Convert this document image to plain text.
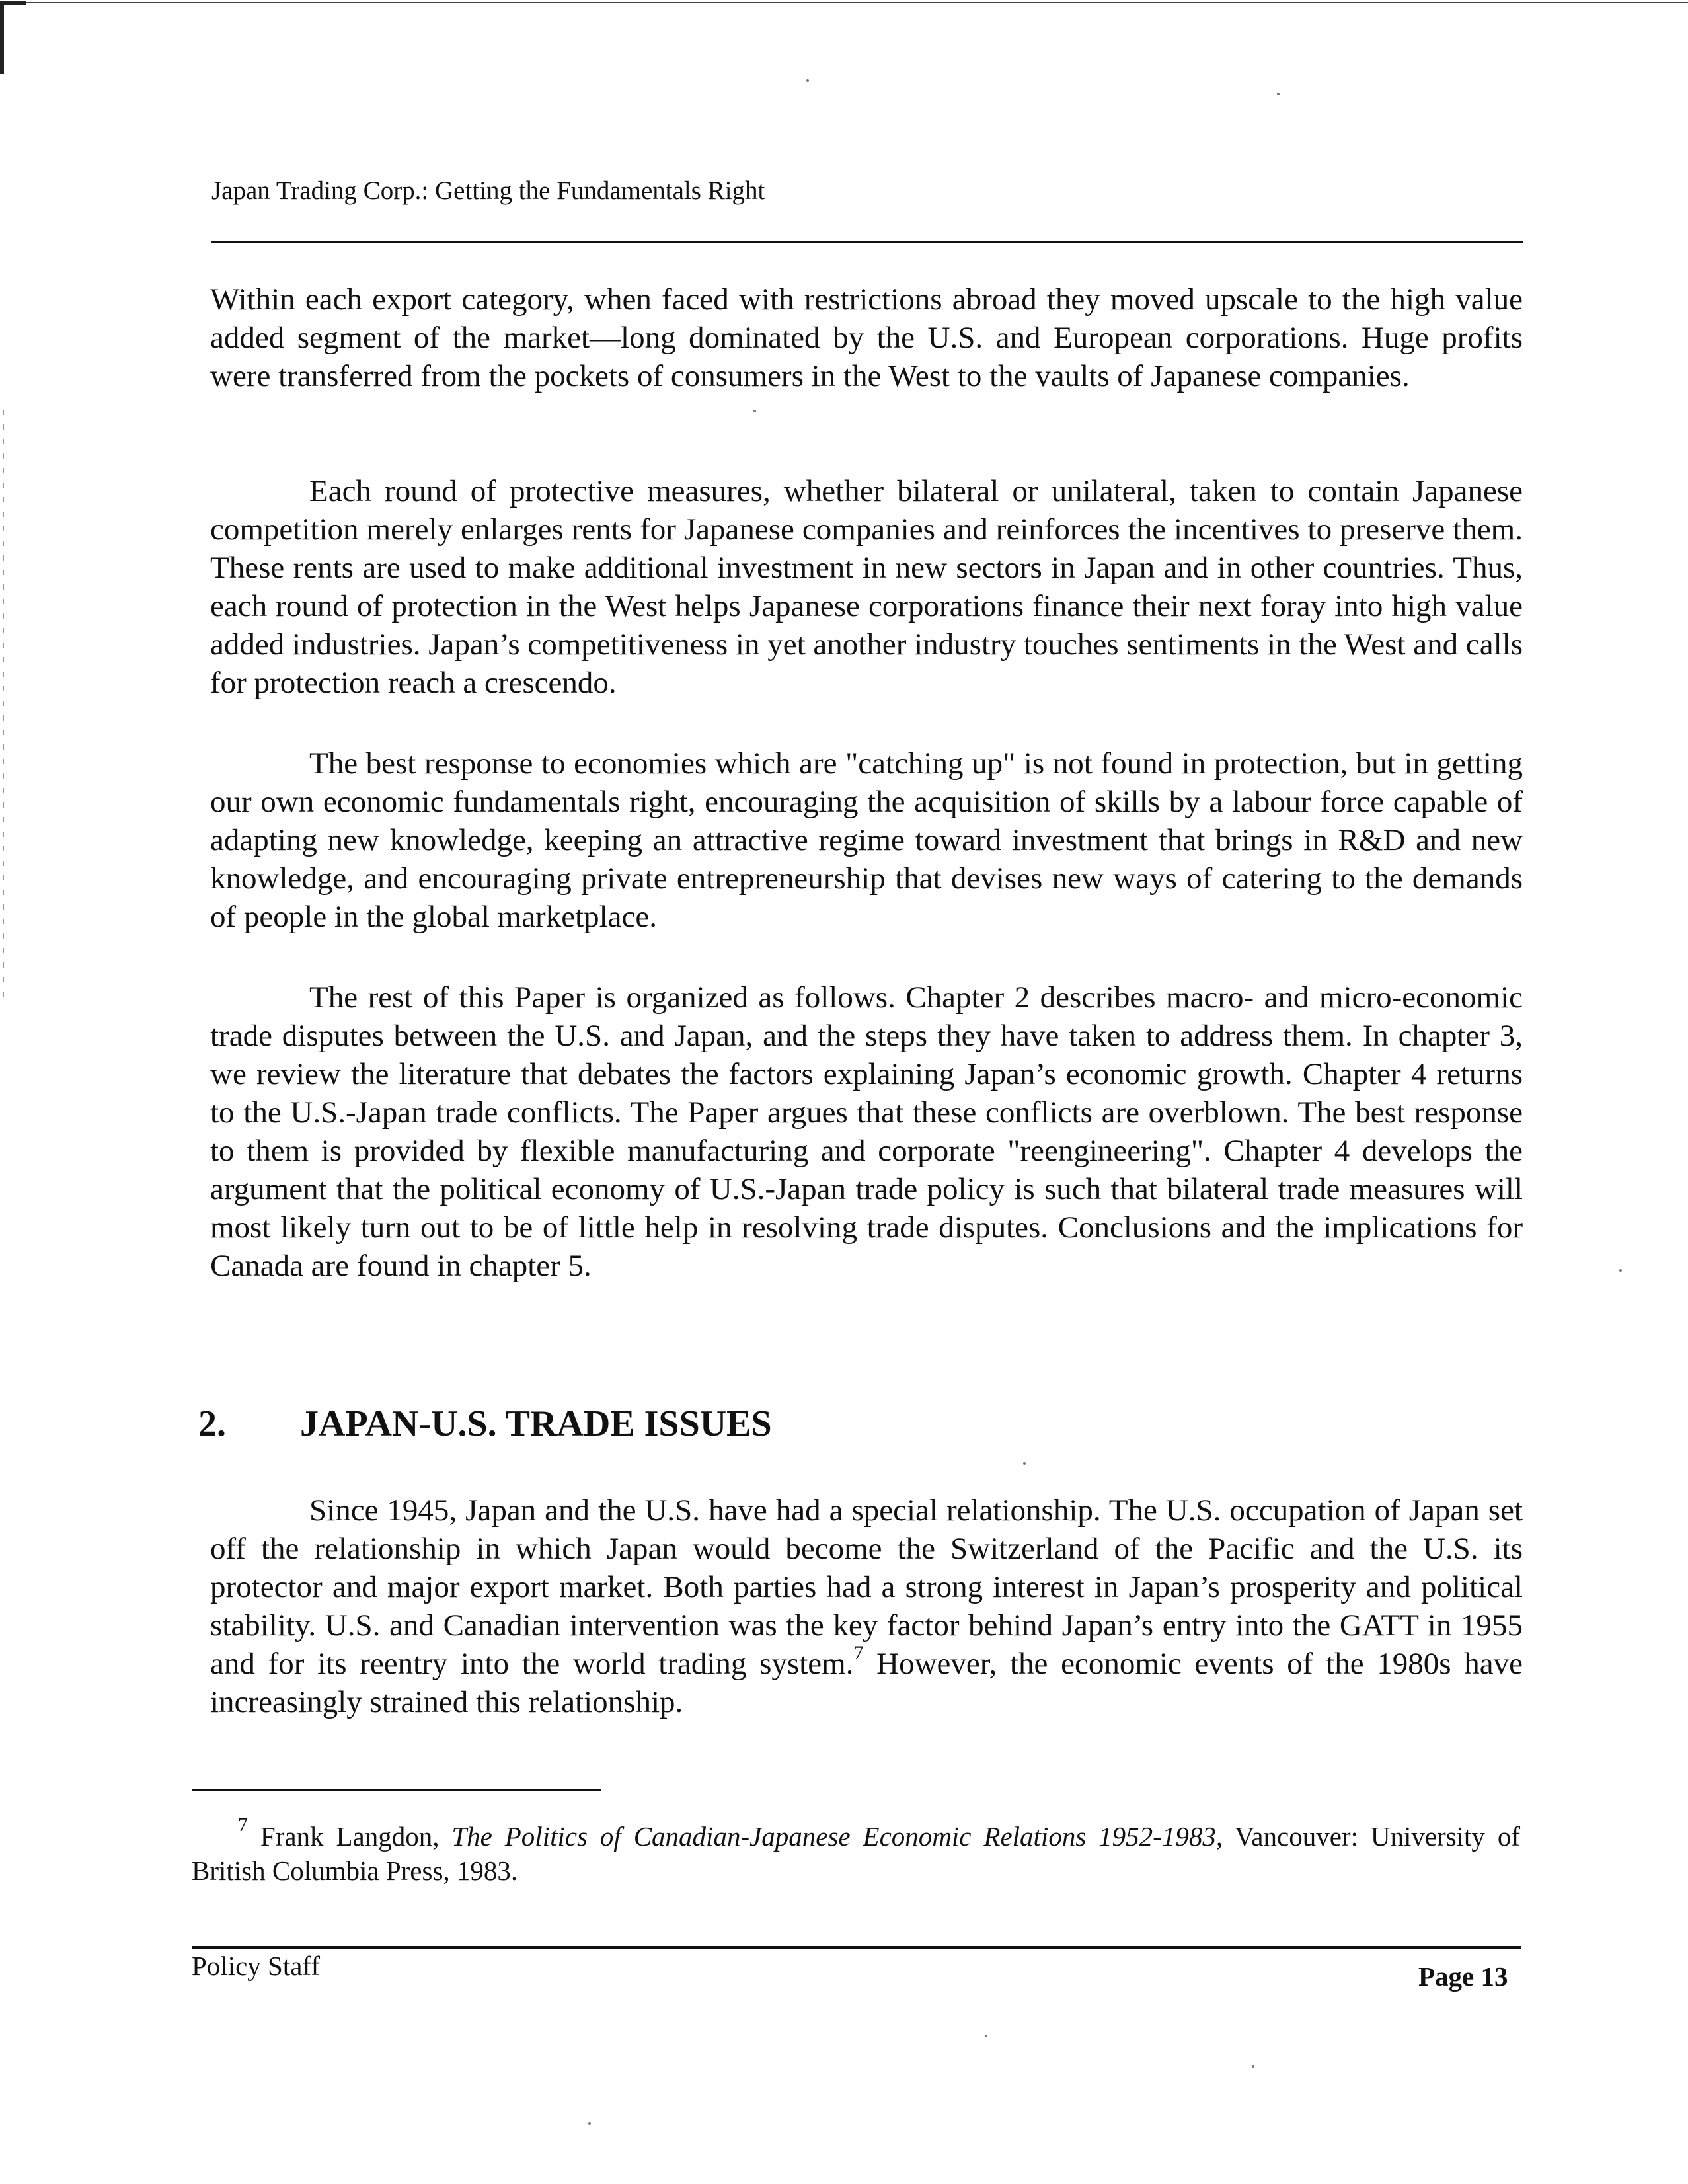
Japan Trading Corp.: Getting the Fundamentals Right

Within each export category, when faced with restrictions abroad they moved upscale to the high value added segment of the market—long dominated by the U.S. and European corporations. Huge profits were transferred from the pockets of consumers in the West to the vaults of Japanese companies.

Each round of protective measures, whether bilateral or unilateral, taken to contain Japanese competition merely enlarges rents for Japanese companies and reinforces the incentives to preserve them. These rents are used to make additional investment in new sectors in Japan and in other countries. Thus, each round of protection in the West helps Japanese corporations finance their next foray into high value added industries. Japan’s competitiveness in yet another industry touches sentiments in the West and calls for protection reach a crescendo.

The best response to economies which are "catching up" is not found in protection, but in getting our own economic fundamentals right, encouraging the acquisition of skills by a labour force capable of adapting new knowledge, keeping an attractive regime toward investment that brings in R&D and new knowledge, and encouraging private entrepreneurship that devises new ways of catering to the demands of people in the global marketplace.

The rest of this Paper is organized as follows. Chapter 2 describes macro- and micro-economic trade disputes between the U.S. and Japan, and the steps they have taken to address them. In chapter 3, we review the literature that debates the factors explaining Japan’s economic growth. Chapter 4 returns to the U.S.-Japan trade conflicts. The Paper argues that these conflicts are overblown. The best response to them is provided by flexible manufacturing and corporate "reengineering". Chapter 4 develops the argument that the political economy of U.S.-Japan trade policy is such that bilateral trade measures will most likely turn out to be of little help in resolving trade disputes. Conclusions and the implications for Canada are found in chapter 5.

2. JAPAN-U.S. TRADE ISSUES

Since 1945, Japan and the U.S. have had a special relationship. The U.S. occupation of Japan set off the relationship in which Japan would become the Switzerland of the Pacific and the U.S. its protector and major export market. Both parties had a strong interest in Japan’s prosperity and political stability. U.S. and Canadian intervention was the key factor behind Japan’s entry into the GATT in 1955 and for its reentry into the world trading system.$^7$ However, the economic events of the 1980s have increasingly strained this relationship.

$^7$ Frank Langdon, The Politics of Canadian-Japanese Economic Relations 1952-1983, Vancouver: University of British Columbia Press, 1983.

Policy Staff	Page 13
